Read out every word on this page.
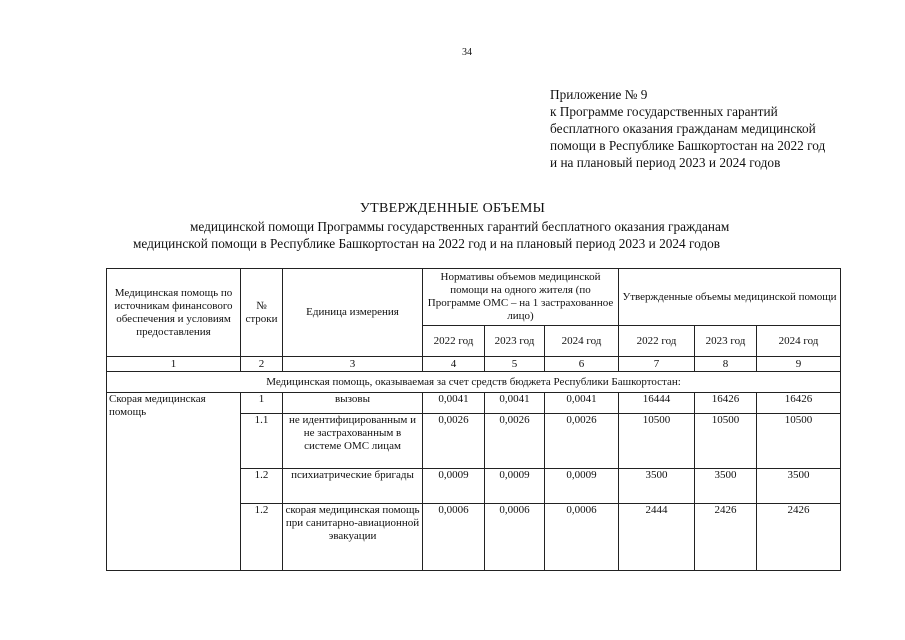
34
Приложение № 9
к Программе государственных гарантий
бесплатного оказания гражданам медицинской
помощи в Республике Башкортостан на 2022 год
и на плановый период 2023 и 2024 годов
УТВЕРЖДЕННЫЕ ОБЪЕМЫ
медицинской помощи Программы государственных гарантий бесплатного оказания гражданам
медицинской помощи в Республике Башкортостан на 2022 год и на плановый период 2023 и 2024 годов
Медицинская помощь по источникам финансового обеспечения и условиям предоставления	№ строки	Единица измерения	Нормативы объемов медицинской помощи на одного жителя (по Программе ОМС – на 1 застрахованное лицо)			Утвержденные объемы медицинской помощи		
			2022 год	2023 год	2024 год	2022 год	2023 год	2024 год
1	2	3	4	5	6	7	8	9
Медицинская помощь, оказываемая за счет средств бюджета Республики Башкортостан:								
Скорая медицинская помощь	1	вызовы	0,0041	0,0041	0,0041	16444	16426	16426
	1.1	не идентифицированным и не застрахованным в системе ОМС лицам	0,0026	0,0026	0,0026	10500	10500	10500
	1.2	психиатрические бригады	0,0009	0,0009	0,0009	3500	3500	3500
	1.2	скорая медицинская помощь при санитарно-авиационной эвакуации	0,0006	0,0006	0,0006	2444	2426	2426
